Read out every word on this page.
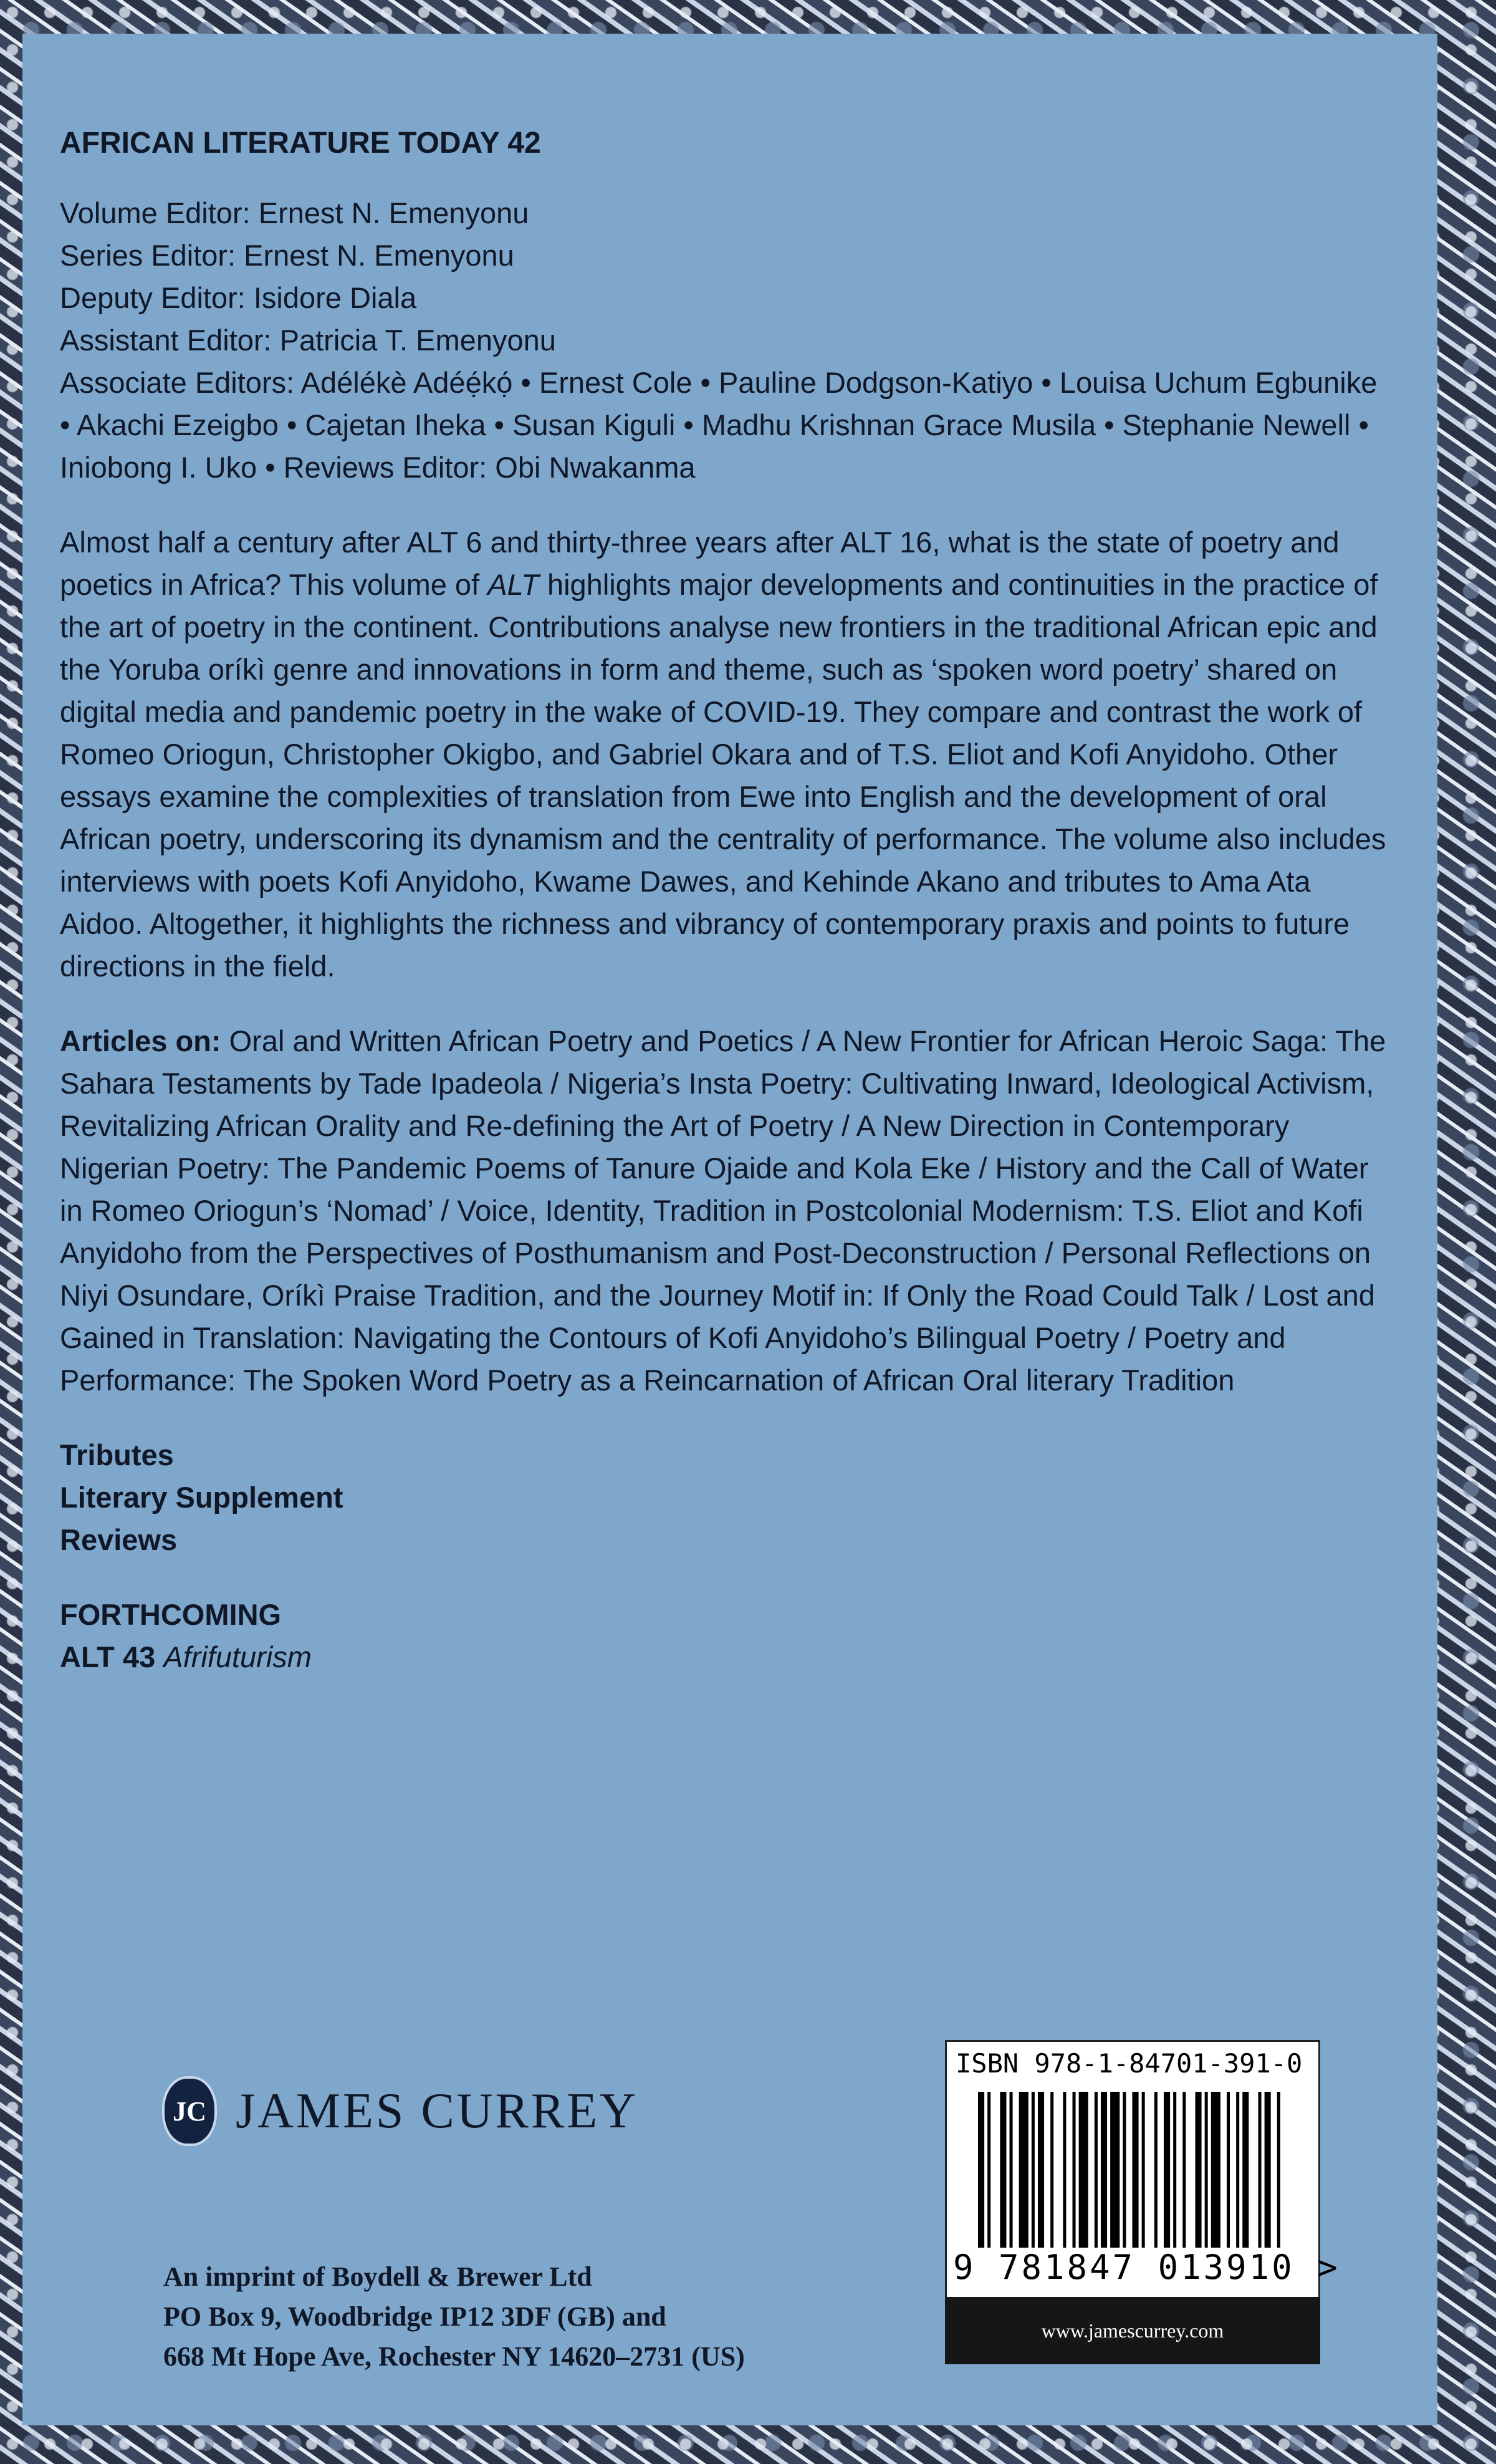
AFRICAN LITERATURE TODAY 42

Volume Editor: Ernest N. Emenyonu

Series Editor: Ernest N. Emenyonu

Deputy Editor: Isidore Diala

Assistant Editor: Patricia T. Emenyonu

Associate Editors: Adélékè Adéẹ́kọ́ • Ernest Cole • Pauline Dodgson-Katiyo • Louisa Uchum Egbunike • Akachi Ezeigbo • Cajetan Iheka • Susan Kiguli • Madhu Krishnan Grace Musila • Stephanie Newell • Iniobong I. Uko • Reviews Editor: Obi Nwakanma

Almost half a century after ALT 6 and thirty-three years after ALT 16, what is the state of poetry and poetics in Africa? This volume of ALT highlights major developments and continuities in the practice of the art of poetry in the continent. Contributions analyse new frontiers in the traditional African epic and the Yoruba oríkì genre and innovations in form and theme, such as ‘spoken word poetry’ shared on digital media and pandemic poetry in the wake of COVID-19. They compare and contrast the work of Romeo Oriogun, Christopher Okigbo, and Gabriel Okara and of T.S. Eliot and Kofi Anyidoho. Other essays examine the complexities of translation from Ewe into English and the development of oral African poetry, underscoring its dynamism and the centrality of performance. The volume also includes interviews with poets Kofi Anyidoho, Kwame Dawes, and Kehinde Akano and tributes to Ama Ata Aidoo. Altogether, it highlights the richness and vibrancy of contemporary praxis and points to future directions in the field.

Articles on: Oral and Written African Poetry and Poetics / A New Frontier for African Heroic Saga: The Sahara Testaments by Tade Ipadeola / Nigeria’s Insta Poetry: Cultivating Inward, Ideological Activism, Revitalizing African Orality and Re-defining the Art of Poetry / A New Direction in Contemporary Nigerian Poetry: The Pandemic Poems of Tanure Ojaide and Kola Eke / History and the Call of Water in Romeo Oriogun’s ‘Nomad’ / Voice, Identity, Tradition in Postcolonial Modernism: T.S. Eliot and Kofi Anyidoho from the Perspectives of Posthumanism and Post-Deconstruction / Personal Reflections on Niyi Osundare, Oríkì Praise Tradition, and the Journey Motif in: If Only the Road Could Talk / Lost and Gained in Translation: Navigating the Contours of Kofi Anyidoho’s Bilingual Poetry / Poetry and Performance: The Spoken Word Poetry as a Reincarnation of African Oral literary Tradition

Tributes
Literary Supplement
Reviews
FORTHCOMING
ALT 43 Afrifuturism
JC JAMES CURREY

An imprint of Boydell & Brewer Ltd

PO Box 9, Woodbridge IP12 3DF (GB) and

668 Mt Hope Ave, Rochester NY 14620–2731 (US)

ISBN 978-1-84701-391-0
9 781847 013910 >
www.jamescurrey.com
